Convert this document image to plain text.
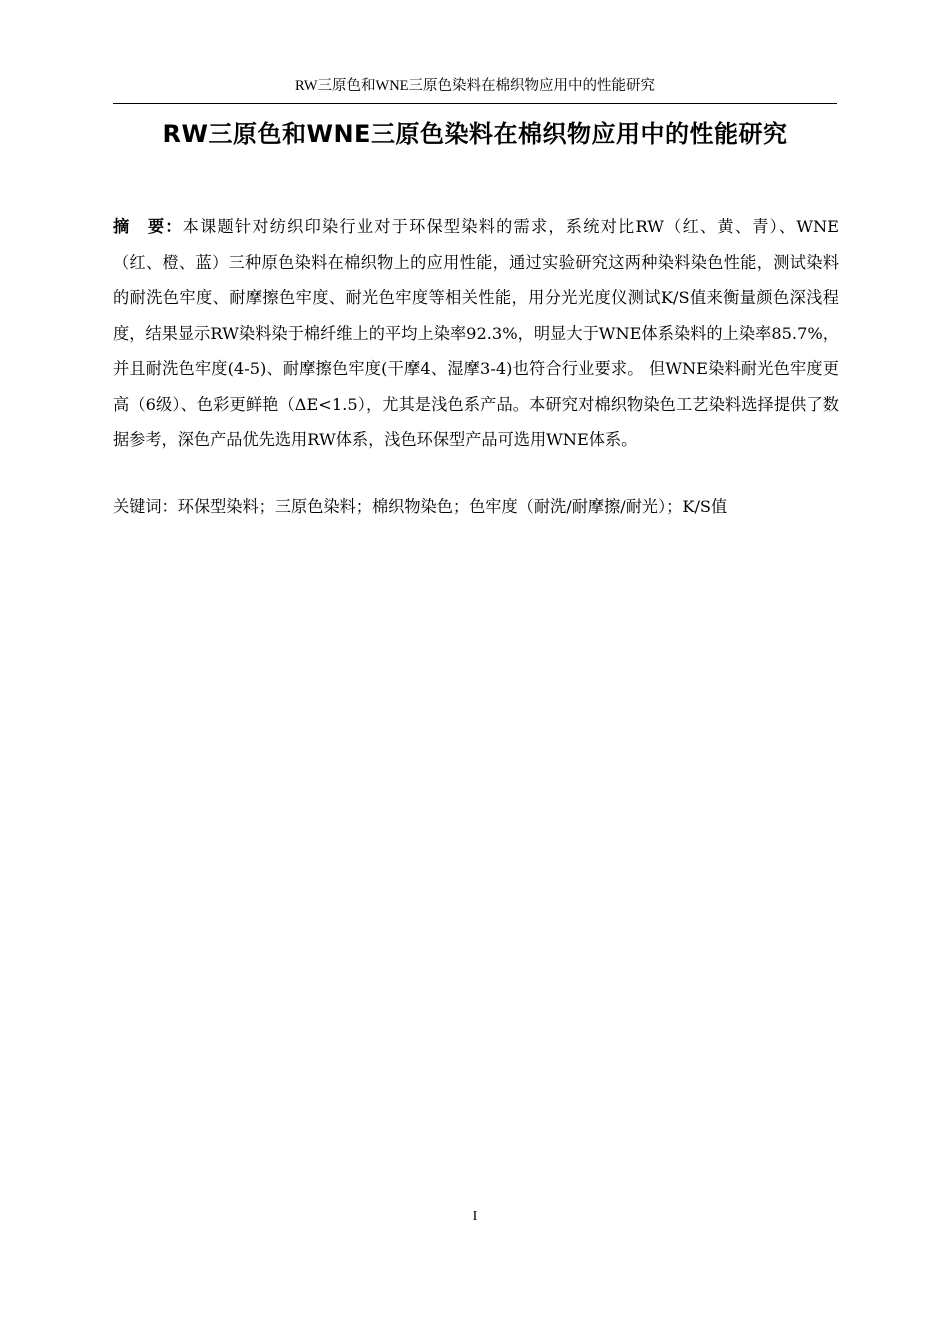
RW三原色和WNE三原色染料在棉织物应用中的性能研究
RW三原色和WNE三原色染料在棉织物应用中的性能研究

摘　要：本课题针对纺织印染行业对于环保型染料的需求，系统对比RW（红、黄、青）、WNE（红、橙、蓝）三种原色染料在棉织物上的应用性能，通过实验研究这两种染料染色性能，测试染料的耐洗色牢度、耐摩擦色牢度、耐光色牢度等相关性能，用分光光度仪测试K/S值来衡量颜色深浅程度，结果显示RW染料染于棉纤维上的平均上染率92.3%，明显大于WNE体系染料的上染率85.7%，并且耐洗色牢度(4-5)、耐摩擦色牢度(干摩4、湿摩3-4)也符合行业要求。 但WNE染料耐光色牢度更高（6级）、色彩更鲜艳（ΔE<1.5），尤其是浅色系产品。本研究对棉织物染色工艺染料选择提供了数据参考，深色产品优先选用RW体系，浅色环保型产品可选用WNE体系。

关键词：环保型染料；三原色染料；棉织物染色；色牢度（耐洗/耐摩擦/耐光）；K/S值

I
